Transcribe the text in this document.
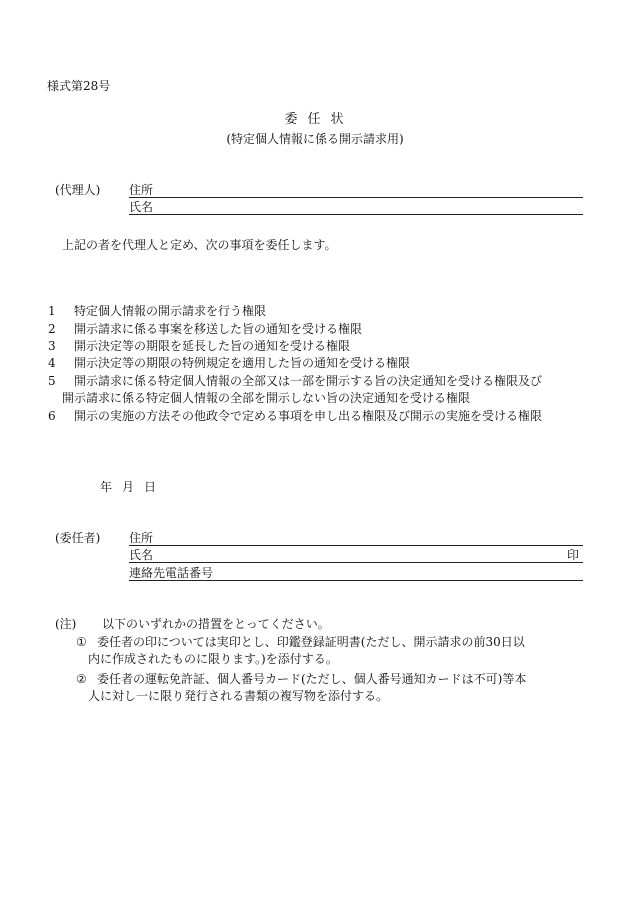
様式第28号
委任状
(特定個人情報に係る開示請求用)
(代理人) 住所
氏名
上記の者を代理人と定め、次の事項を委任します。
1 特定個人情報の開示請求を行う権限
2 開示請求に係る事案を移送した旨の通知を受ける権限
3 開示決定等の期限を延長した旨の通知を受ける権限
4 開示決定等の期限の特例規定を適用した旨の通知を受ける権限
5 開示請求に係る特定個人情報の全部又は一部を開示する旨の決定通知を受ける権限及び
開示請求に係る特定個人情報の全部を開示しない旨の決定通知を受ける権限
6 開示の実施の方法その他政令で定める事項を申し出る権限及び開示の実施を受ける権限
年 月 日
(委任者) 住所
氏名	印
連絡先電話番号
(注) 以下のいずれかの措置をとってください。
① 委任者の印については実印とし、印鑑登録証明書(ただし、開示請求の前30日以
内に作成されたものに限ります。)を添付する。
② 委任者の運転免許証、個人番号カード(ただし、個人番号通知カードは不可)等本
人に対し一に限り発行される書類の複写物を添付する。
